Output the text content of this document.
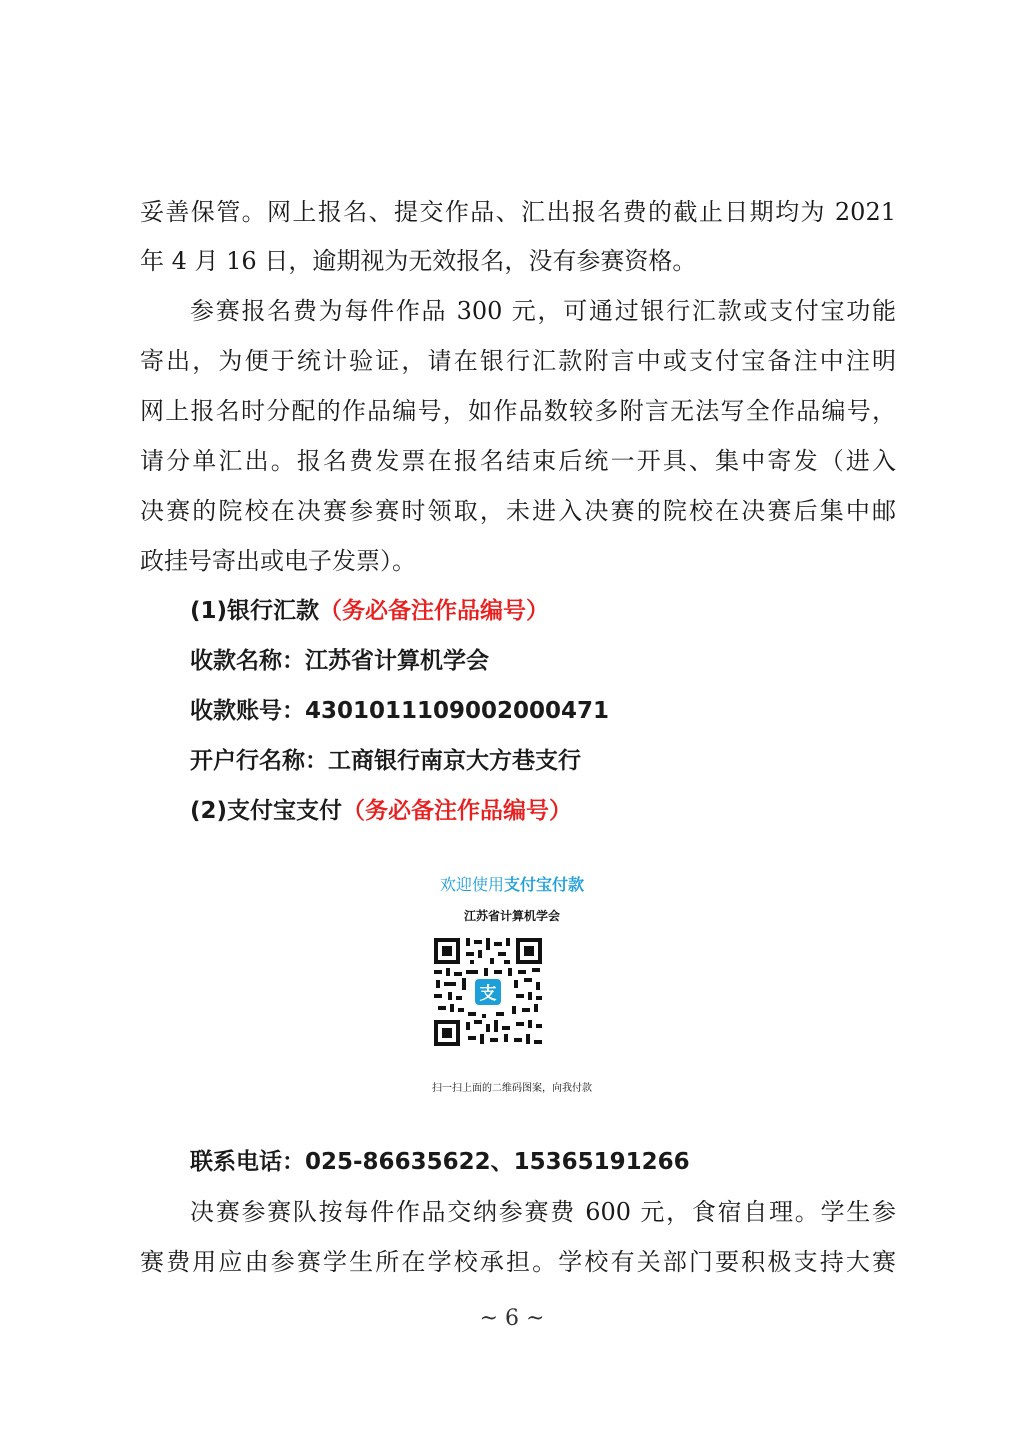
妥善保管。网上报名、提交作品、汇出报名费的截止日期均为 2021
年 4 月 16 日，逾期视为无效报名，没有参赛资格。
参赛报名费为每件作品 300 元，可通过银行汇款或支付宝功能
寄出，为便于统计验证，请在银行汇款附言中或支付宝备注中注明
网上报名时分配的作品编号，如作品数较多附言无法写全作品编号，
请分单汇出。报名费发票在报名结束后统一开具、集中寄发（进入
决赛的院校在决赛参赛时领取，未进入决赛的院校在决赛后集中邮
政挂号寄出或电子发票）。
(1)银行汇款（务必备注作品编号）
收款名称：江苏省计算机学会
收款账号：4301011109002000471
开户行名称：工商银行南京大方巷支行
(2)支付宝支付（务必备注作品编号）
欢迎使用支付宝付款
江苏省计算机学会
支
扫一扫上面的二维码图案，向我付款
联系电话：025-86635622、15365191266
决赛参赛队按每件作品交纳参赛费 600 元，食宿自理。学生参
赛费用应由参赛学生所在学校承担。学校有关部门要积极支持大赛
~ 6 ~
